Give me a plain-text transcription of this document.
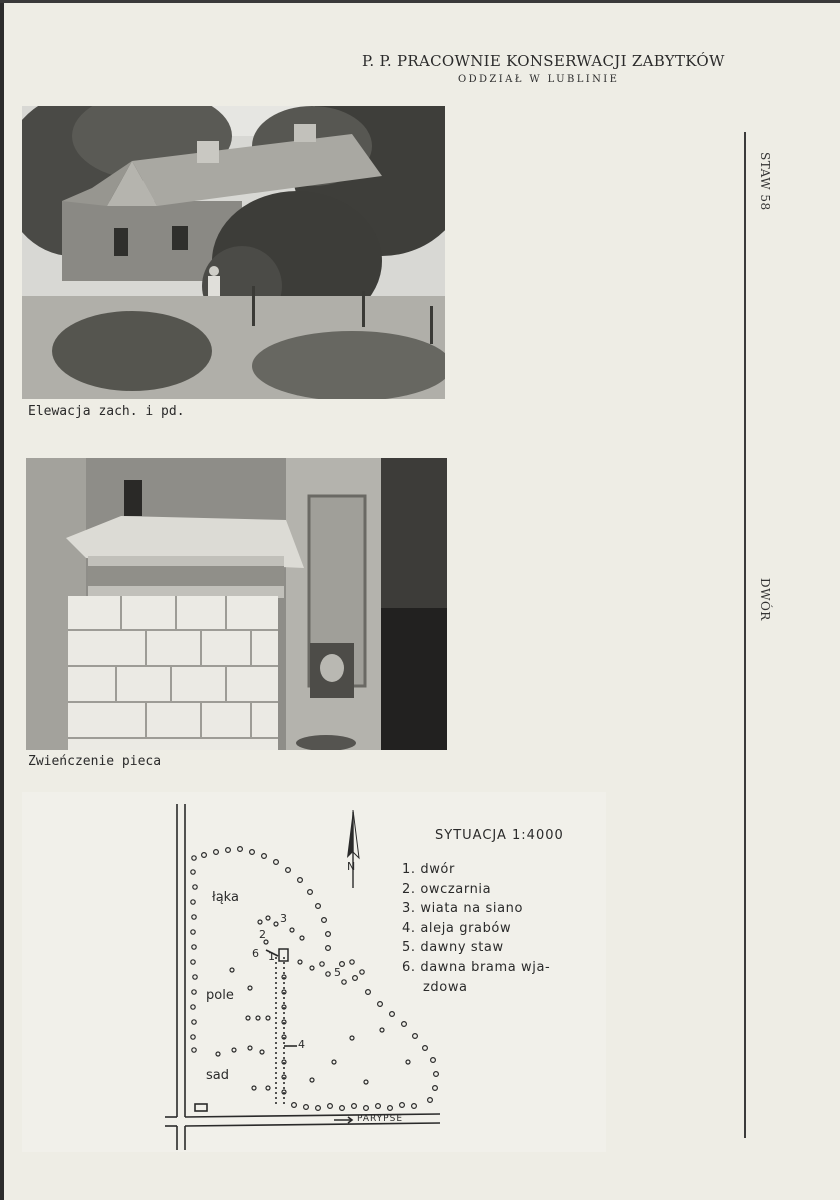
P. P. PRACOWNIE KONSERWACJI ZABYTKÓW
ODDZIAŁ W LUBLINIE
STAW 58
DWÓR
Elewacja zach. i pd.
Zwieńczenie pieca
SYTUACJA 1:4000
1. dwór
2. owczarnia
3. wiata na siano
4. aleja grabów
5. dawny staw
6. dawna brama wja-
zdowa
łąka
pole
sad
1
2
3
4
5
6
PARYPSE
N
